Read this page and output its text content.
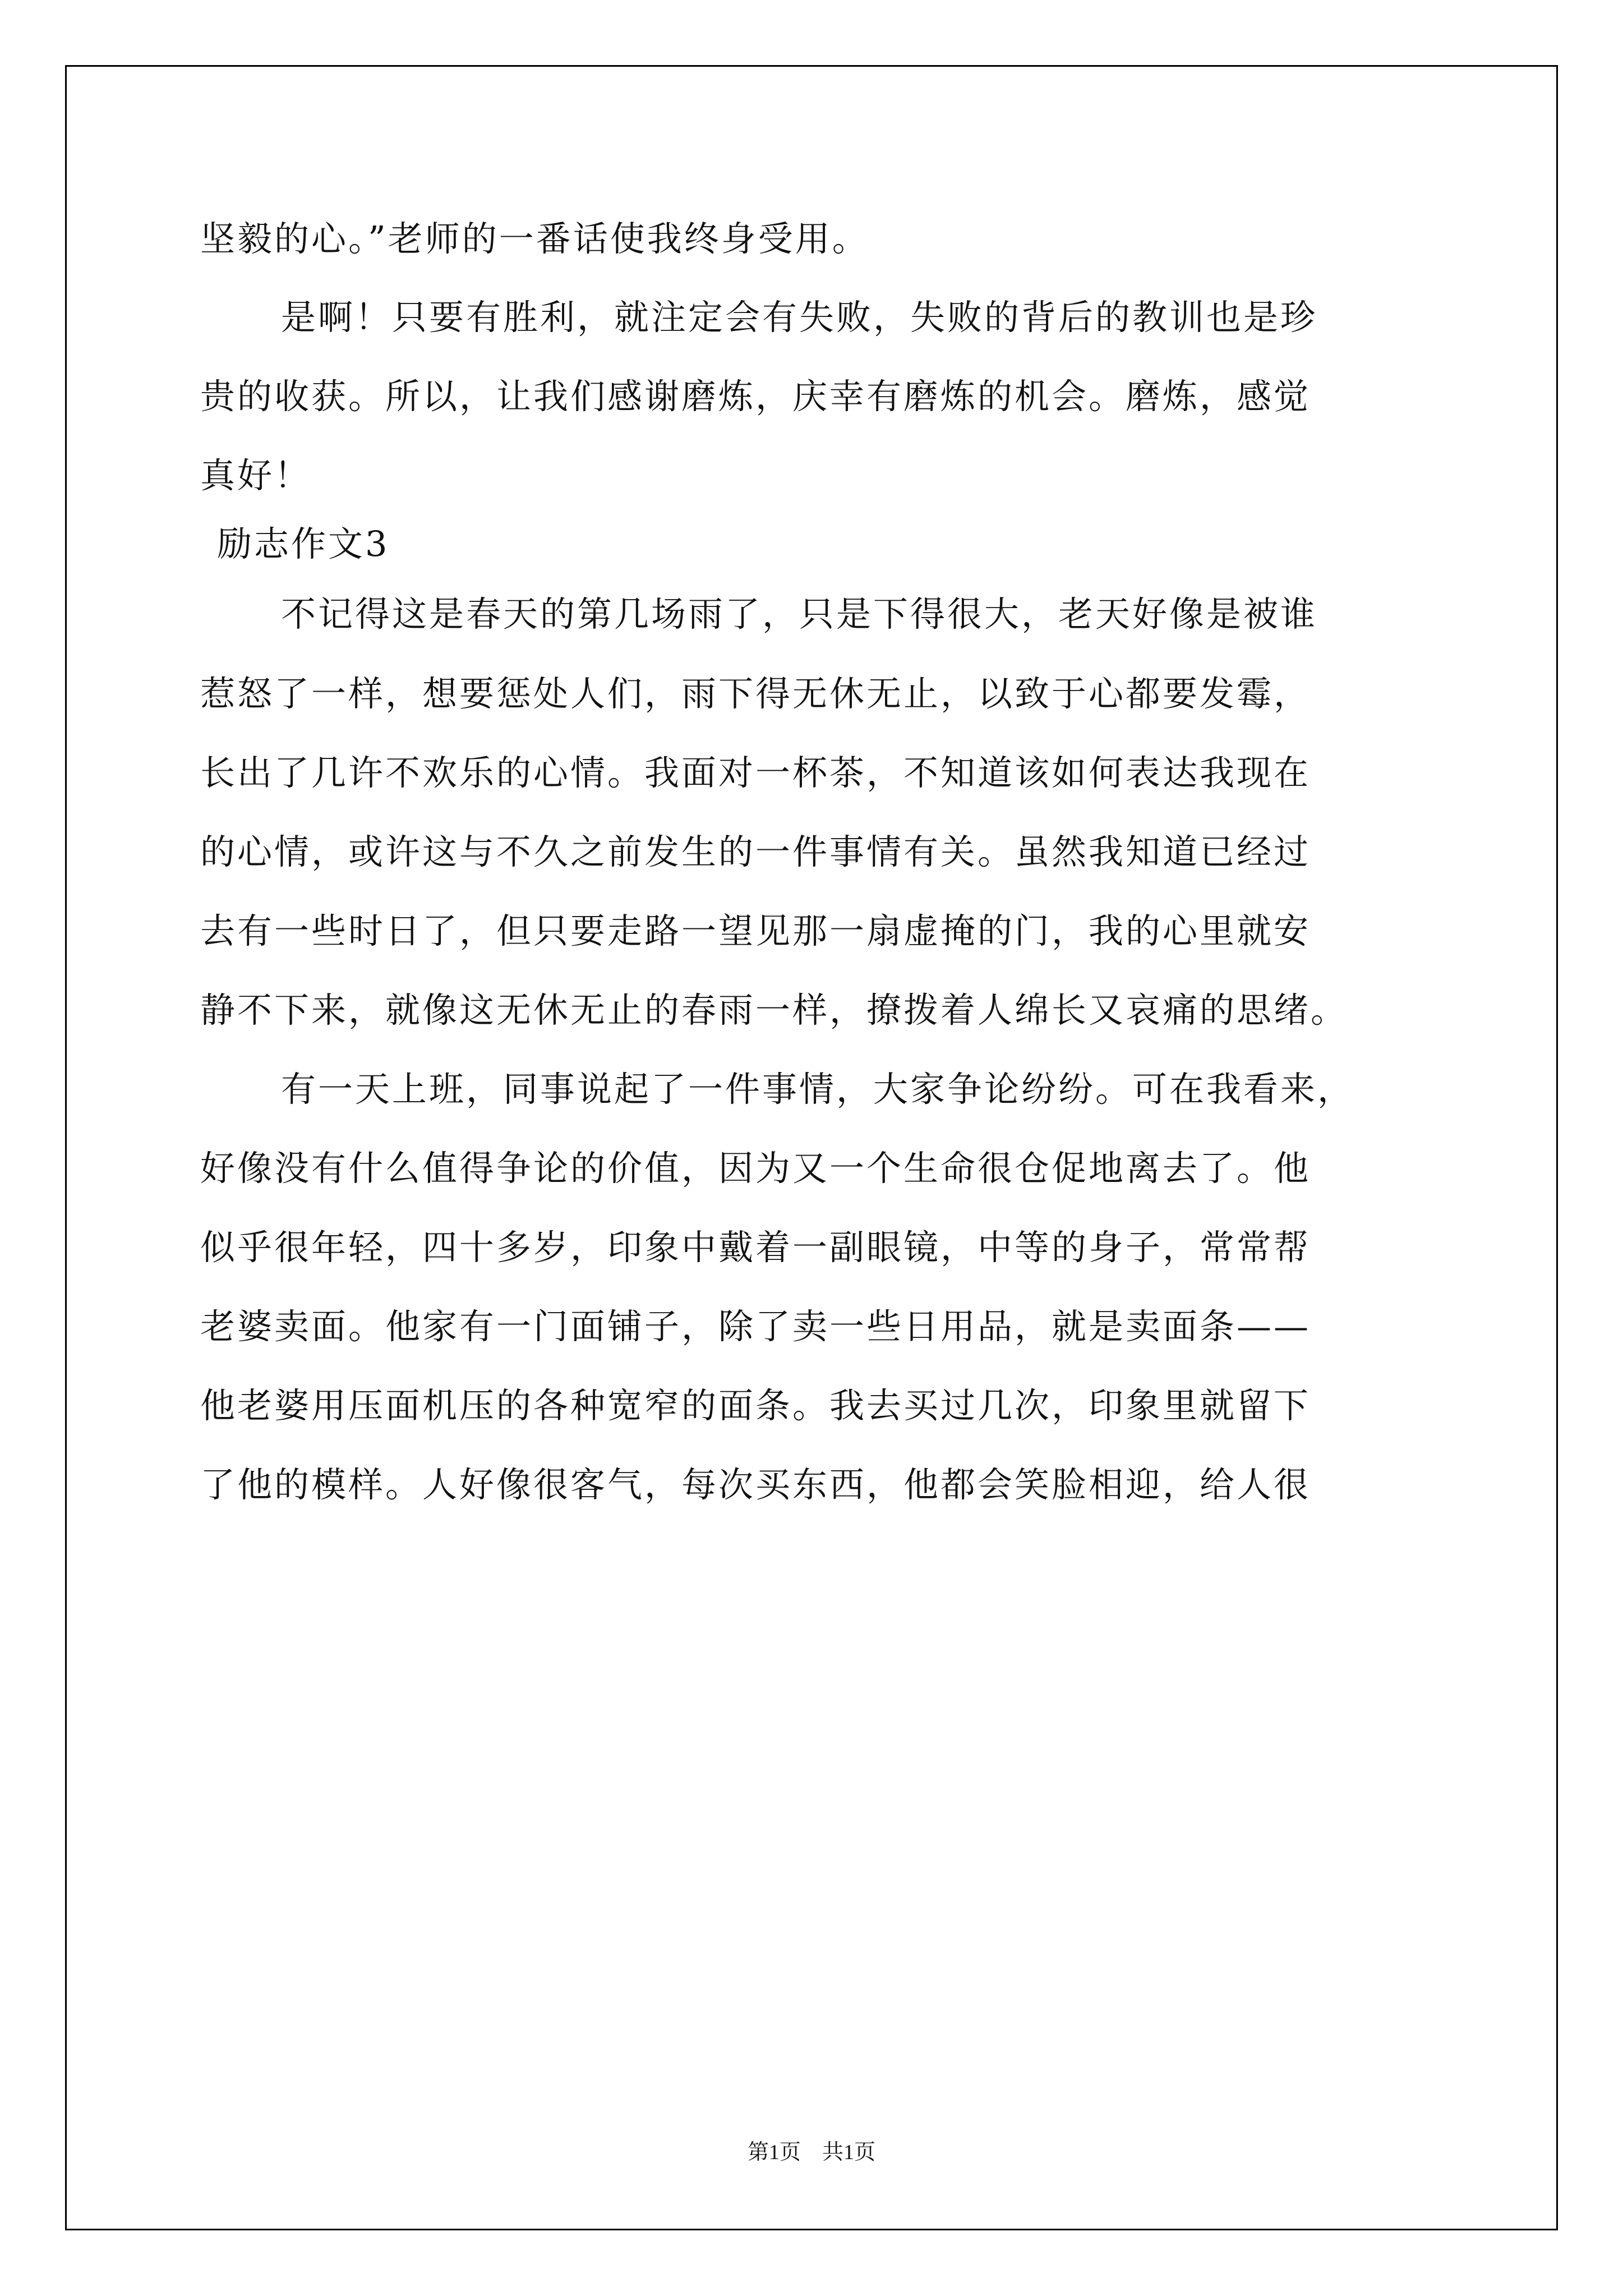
坚毅的心。”老师的一番话使我终身受用。
是啊！只要有胜利，就注定会有失败，失败的背后的教训也是珍
贵的收获。所以，让我们感谢磨炼，庆幸有磨炼的机会。磨炼，感觉
真好！
励志作文3
不记得这是春天的第几场雨了，只是下得很大，老天好像是被谁
惹怒了一样，想要惩处人们，雨下得无休无止，以致于心都要发霉，
长出了几许不欢乐的心情。我面对一杯茶，不知道该如何表达我现在
的心情，或许这与不久之前发生的一件事情有关。虽然我知道已经过
去有一些时日了，但只要走路一望见那一扇虚掩的门，我的心里就安
静不下来，就像这无休无止的春雨一样，撩拨着人绵长又哀痛的思绪。
有一天上班，同事说起了一件事情，大家争论纷纷。可在我看来，
好像没有什么值得争论的价值，因为又一个生命很仓促地离去了。他
似乎很年轻，四十多岁，印象中戴着一副眼镜，中等的身子，常常帮
老婆卖面。他家有一门面铺子，除了卖一些日用品，就是卖面条——
他老婆用压面机压的各种宽窄的面条。我去买过几次，印象里就留下
了他的模样。人好像很客气，每次买东西，他都会笑脸相迎，给人很
第1页　共1页
